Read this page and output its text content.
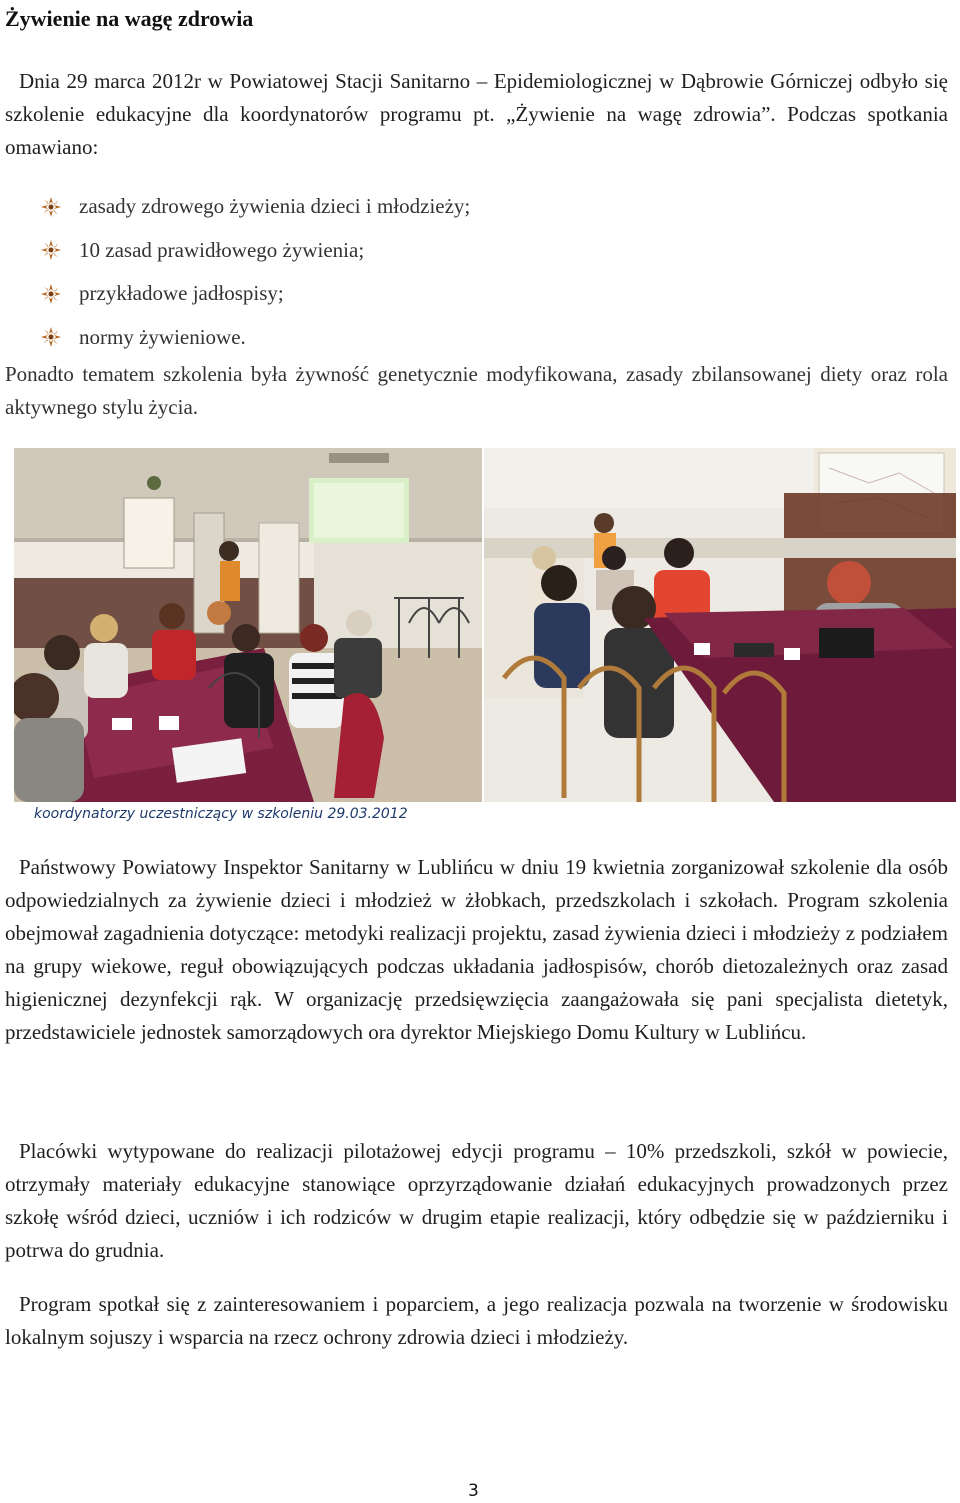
Żywienie na wagę zdrowia

Dnia 29 marca 2012r w Powiatowej Stacji Sanitarno – Epidemiologicznej w Dąbrowie Górniczej odbyło się szkolenie edukacyjne dla koordynatorów programu pt. „Żywienie na wagę zdrowia”. Podczas spotkania omawiano:

zasady zdrowego żywienia dzieci i młodzieży;
10 zasad prawidłowego żywienia;
przykładowe jadłospisy;
normy żywieniowe.

Ponadto tematem szkolenia była żywność genetycznie modyfikowana, zasady zbilansowanej diety oraz rola aktywnego stylu życia.

koordynatorzy uczestniczący w szkoleniu 29.03.2012

Państwowy Powiatowy Inspektor Sanitarny w Lublińcu w dniu 19 kwietnia zorganizował szkolenie dla osób odpowiedzialnych za żywienie dzieci i młodzież w żłobkach, przedszkolach i szkołach. Program szkolenia obejmował zagadnienia dotyczące: metodyki realizacji projektu, zasad żywienia dzieci i młodzieży z podziałem na grupy wiekowe, reguł obowiązujących podczas układania jadłospisów, chorób dietozależnych oraz zasad higienicznej dezynfekcji rąk. W organizację przedsięwzięcia zaangażowała się pani specjalista dietetyk, przedstawiciele jednostek samorządowych ora dyrektor Miejskiego Domu Kultury w Lublińcu.

Placówki wytypowane do realizacji pilotażowej edycji programu – 10% przedszkoli, szkół w powiecie, otrzymały materiały edukacyjne stanowiące oprzyrządowanie działań edukacyjnych prowadzonych przez szkołę wśród dzieci, uczniów i ich rodziców w drugim etapie realizacji, który odbędzie się w październiku i potrwa do grudnia.

Program spotkał się z zainteresowaniem i poparciem, a jego realizacja pozwala na tworzenie w środowisku lokalnym sojuszy i wsparcia na rzecz ochrony zdrowia dzieci i młodzieży.

3
